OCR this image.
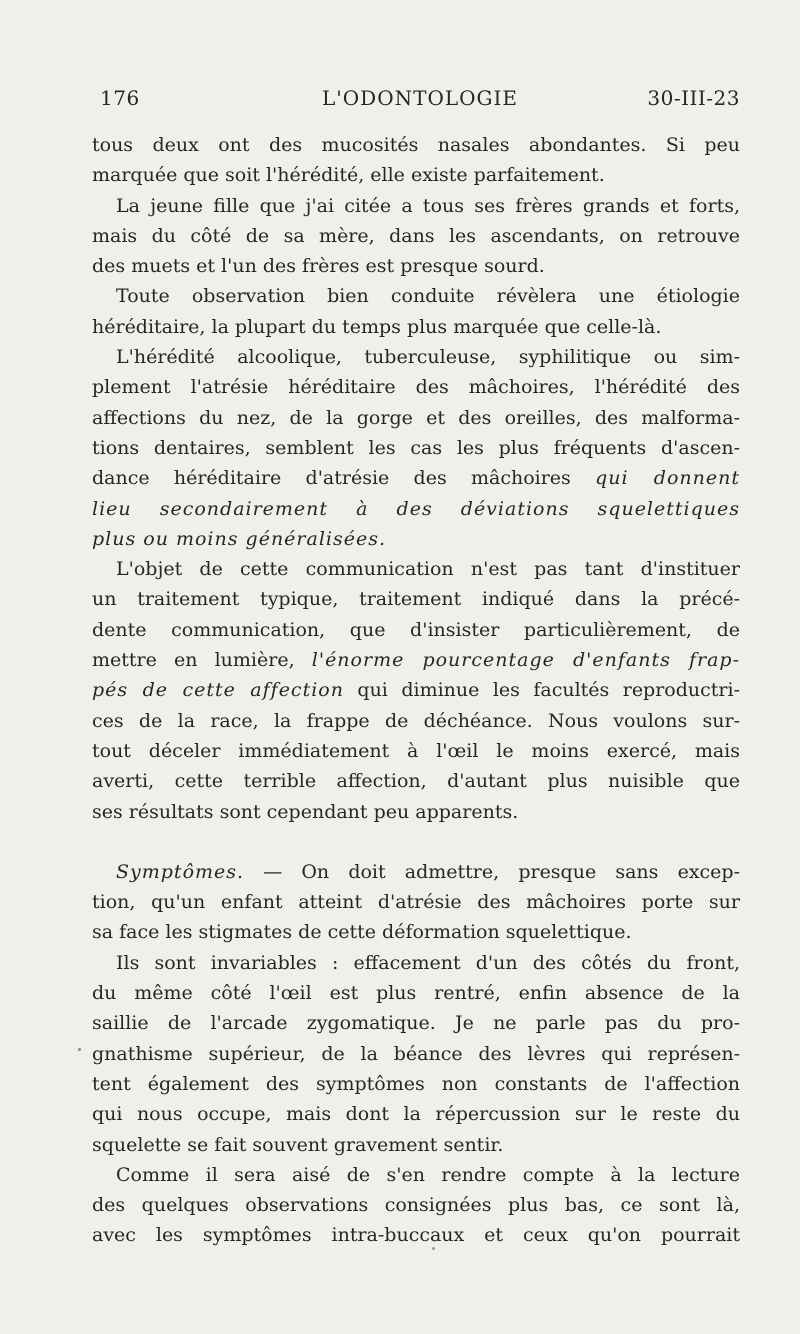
176	L'ODONTOLOGIE	30-III-23
tous deux ont des mucosités nasales abondantes. Si peu
marquée que soit l'hérédité, elle existe parfaitement.
La jeune fille que j'ai citée a tous ses frères grands et forts,
mais du côté de sa mère, dans les ascendants, on retrouve
des muets et l'un des frères est presque sourd.
Toute observation bien conduite révèlera une étiologie
héréditaire, la plupart du temps plus marquée que celle-là.
L'hérédité alcoolique, tuberculeuse, syphilitique ou sim-
plement l'atrésie héréditaire des mâchoires, l'hérédité des
affections du nez, de la gorge et des oreilles, des malforma-
tions dentaires, semblent les cas les plus fréquents d'ascen-
dance héréditaire d'atrésie des mâchoires qui donnent
lieu secondairement à des déviations squelettiques
plus ou moins généralisées.
L'objet de cette communication n'est pas tant d'instituer
un traitement typique, traitement indiqué dans la précé-
dente communication, que d'insister particulièrement, de
mettre en lumière, l'énorme pourcentage d'enfants frap-
pés de cette affection qui diminue les facultés reproductri-
ces de la race, la frappe de déchéance. Nous voulons sur-
tout déceler immédiatement à l'œil le moins exercé, mais
averti, cette terrible affection, d'autant plus nuisible que
ses résultats sont cependant peu apparents.
Symptômes. — On doit admettre, presque sans excep-
tion, qu'un enfant atteint d'atrésie des mâchoires porte sur
sa face les stigmates de cette déformation squelettique.
Ils sont invariables : effacement d'un des côtés du front,
du même côté l'œil est plus rentré, enfin absence de la
saillie de l'arcade zygomatique. Je ne parle pas du pro-
gnathisme supérieur, de la béance des lèvres qui représen-
tent également des symptômes non constants de l'affection
qui nous occupe, mais dont la répercussion sur le reste du
squelette se fait souvent gravement sentir.
Comme il sera aisé de s'en rendre compte à la lecture
des quelques observations consignées plus bas, ce sont là,
avec les symptômes intra-buccaux et ceux qu'on pourrait
